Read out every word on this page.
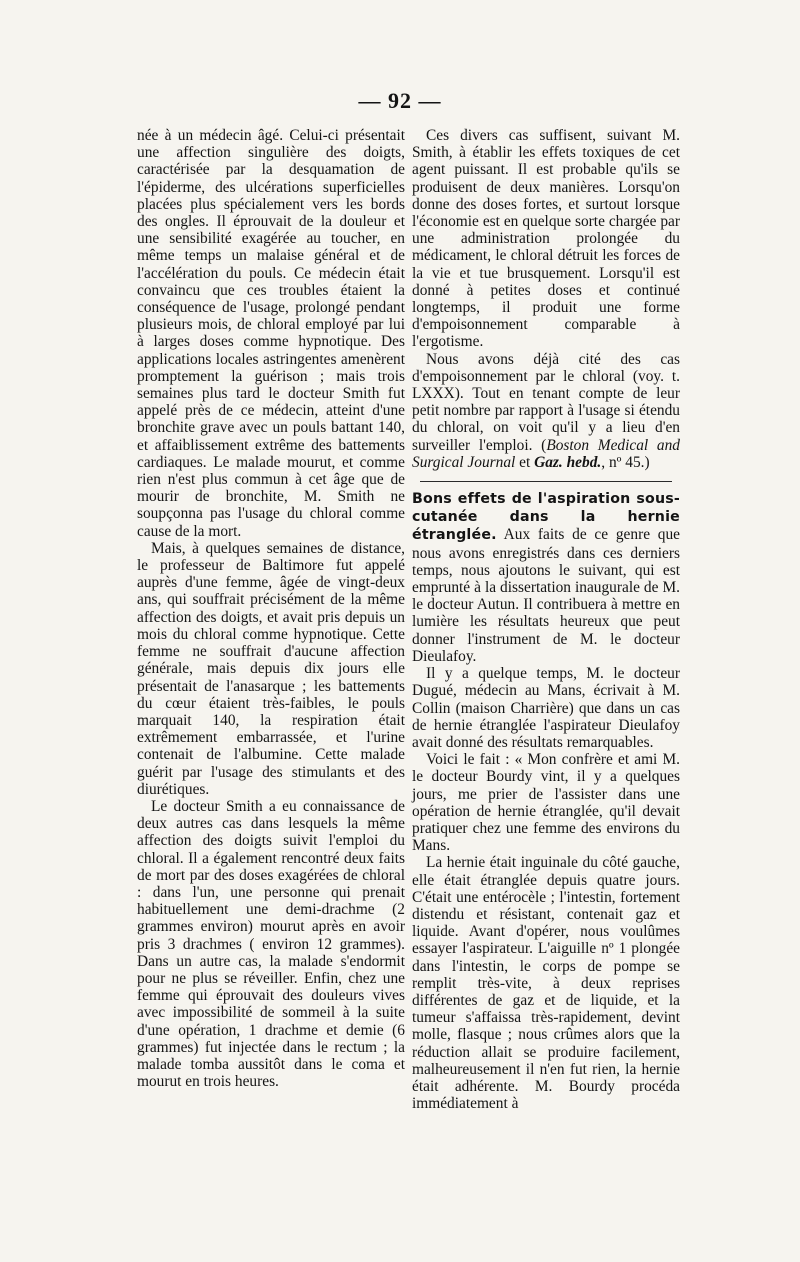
— 92 —

née à un médecin âgé. Celui-ci présentait une affection singulière des doigts, caractérisée par la desquamation de l'épiderme, des ulcérations superficielles placées plus spécialement vers les bords des ongles. Il éprouvait de la douleur et une sensibilité exagérée au toucher, en même temps un malaise général et de l'accélération du pouls. Ce médecin était convaincu que ces troubles étaient la conséquence de l'usage, prolongé pendant plusieurs mois, de chloral employé par lui à larges doses comme hypnotique. Des applications locales astringentes amenèrent promptement la guérison ; mais trois semaines plus tard le docteur Smith fut appelé près de ce médecin, atteint d'une bronchite grave avec un pouls battant 140, et affaiblissement extrême des battements cardiaques. Le malade mourut, et comme rien n'est plus commun à cet âge que de mourir de bronchite, M. Smith ne soupçonna pas l'usage du chloral comme cause de la mort.

Mais, à quelques semaines de distance, le professeur de Baltimore fut appelé auprès d'une femme, âgée de vingt-deux ans, qui souffrait précisément de la même affection des doigts, et avait pris depuis un mois du chloral comme hypnotique. Cette femme ne souffrait d'aucune affection générale, mais depuis dix jours elle présentait de l'anasarque ; les battements du cœur étaient très-faibles, le pouls marquait 140, la respiration était extrêmement embarrassée, et l'urine contenait de l'albumine. Cette malade guérit par l'usage des stimulants et des diurétiques.

Le docteur Smith a eu connaissance de deux autres cas dans lesquels la même affection des doigts suivit l'emploi du chloral. Il a également rencontré deux faits de mort par des doses exagérées de chloral : dans l'un, une personne qui prenait habituellement une demi-drachme (2 grammes environ) mourut après en avoir pris 3 drachmes ( environ 12 grammes). Dans un autre cas, la malade s'endormit pour ne plus se réveiller. Enfin, chez une femme qui éprouvait des douleurs vives avec impossibilité de sommeil à la suite d'une opération, 1 drachme et demie (6 grammes) fut injectée dans le rectum ; la malade tomba aussitôt dans le coma et mourut en trois heures.

Ces divers cas suffisent, suivant M. Smith, à établir les effets toxiques de cet agent puissant. Il est probable qu'ils se produisent de deux manières. Lorsqu'on donne des doses fortes, et surtout lorsque l'économie est en quelque sorte chargée par une administration prolongée du médicament, le chloral détruit les forces de la vie et tue brusquement. Lorsqu'il est donné à petites doses et continué longtemps, il produit une forme d'empoisonnement comparable à l'ergotisme.

Nous avons déjà cité des cas d'empoisonnement par le chloral (voy. t. LXXX). Tout en tenant compte de leur petit nombre par rapport à l'usage si étendu du chloral, on voit qu'il y a lieu d'en surveiller l'emploi. (Boston Medical and Surgical Journal et Gaz. hebd., nº 45.)

Bons effets de l'aspiration sous-cutanée dans la hernie étranglée. Aux faits de ce genre que nous avons enregistrés dans ces derniers temps, nous ajoutons le suivant, qui est emprunté à la dissertation inaugurale de M. le docteur Autun. Il contribuera à mettre en lumière les résultats heureux que peut donner l'instrument de M. le docteur Dieulafoy.

Il y a quelque temps, M. le docteur Dugué, médecin au Mans, écrivait à M. Collin (maison Charrière) que dans un cas de hernie étranglée l'aspirateur Dieulafoy avait donné des résultats remarquables.

Voici le fait : « Mon confrère et ami M. le docteur Bourdy vint, il y a quelques jours, me prier de l'assister dans une opération de hernie étranglée, qu'il devait pratiquer chez une femme des environs du Mans.

La hernie était inguinale du côté gauche, elle était étranglée depuis quatre jours. C'était une entérocèle ; l'intestin, fortement distendu et résistant, contenait gaz et liquide. Avant d'opérer, nous voulûmes essayer l'aspirateur. L'aiguille nº 1 plongée dans l'intestin, le corps de pompe se remplit très-vite, à deux reprises différentes de gaz et de liquide, et la tumeur s'affaissa très-rapidement, devint molle, flasque ; nous crûmes alors que la réduction allait se produire facilement, malheureusement il n'en fut rien, la hernie était adhérente. M. Bourdy procéda immédiatement à
